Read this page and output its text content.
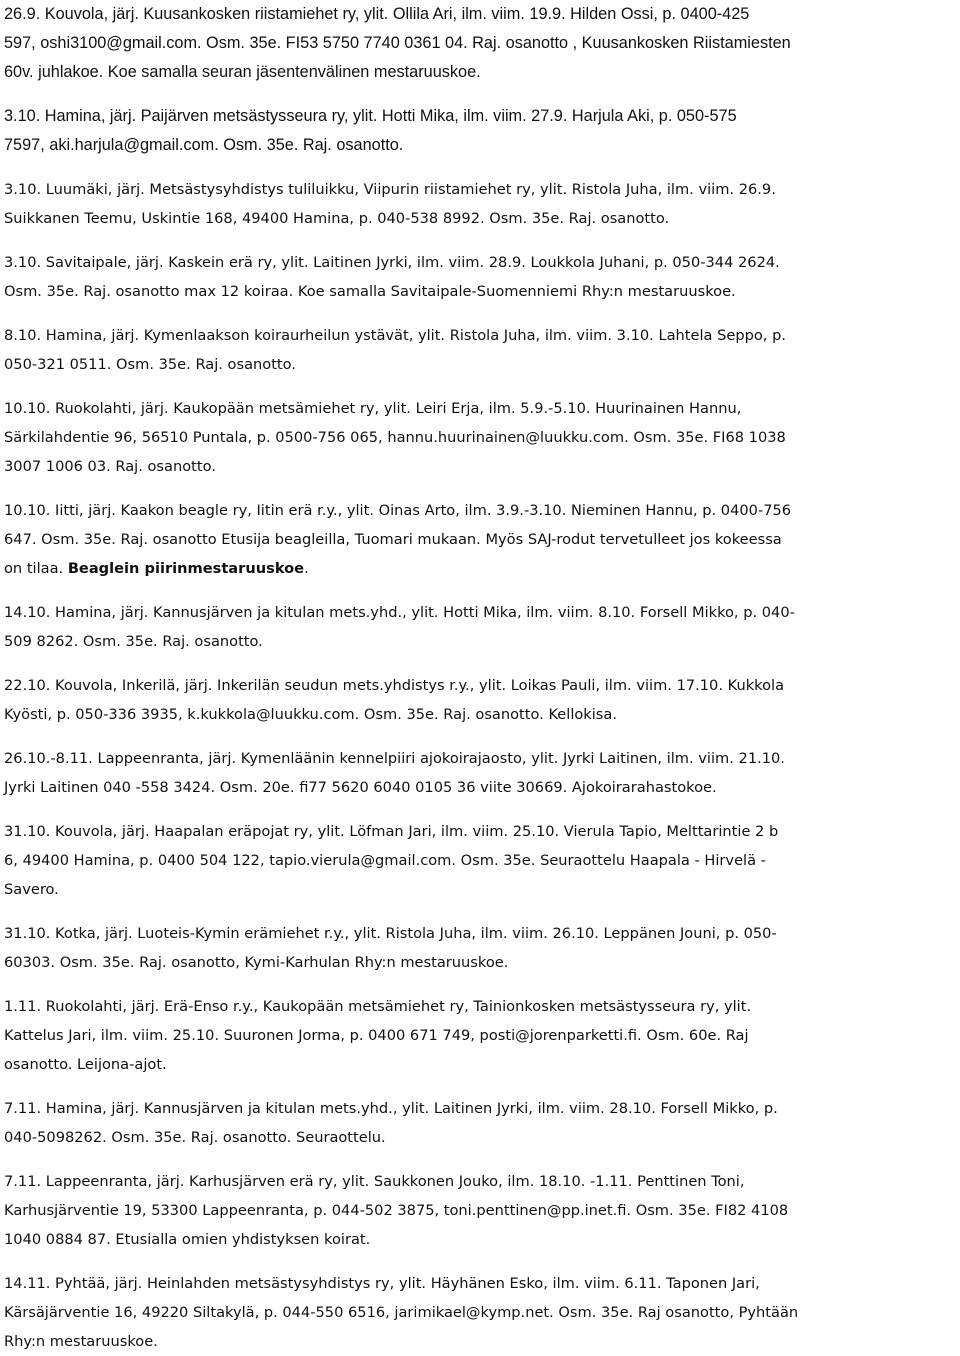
26.9. Kouvola, järj. Kuusankosken riistamiehet ry, ylit. Ollila Ari, ilm. viim. 19.9. Hilden Ossi, p. 0400-425
597, oshi3100@gmail.com. Osm. 35e. FI53 5750 7740 0361 04. Raj. osanotto , Kuusankosken Riistamiesten
60v. juhlakoe. Koe samalla seuran jäsentenvälinen mestaruuskoe.
3.10. Hamina, järj. Paijärven metsästysseura ry, ylit. Hotti Mika, ilm. viim. 27.9. Harjula Aki, p. 050-575
7597, aki.harjula@gmail.com. Osm. 35e. Raj. osanotto.
3.10. Luumäki, järj. Metsästysyhdistys tuliluikku, Viipurin riistamiehet ry, ylit. Ristola Juha, ilm. viim. 26.9.
Suikkanen Teemu, Uskintie 168, 49400 Hamina, p. 040-538 8992. Osm. 35e. Raj. osanotto.
3.10. Savitaipale, järj. Kaskein erä ry, ylit. Laitinen Jyrki, ilm. viim. 28.9. Loukkola Juhani, p. 050-344 2624.
Osm. 35e. Raj. osanotto max 12 koiraa. Koe samalla Savitaipale-Suomenniemi Rhy:n mestaruuskoe.
8.10. Hamina, järj. Kymenlaakson koiraurheilun ystävät, ylit. Ristola Juha, ilm. viim. 3.10. Lahtela Seppo, p.
050-321 0511. Osm. 35e. Raj. osanotto.
10.10. Ruokolahti, järj. Kaukopään metsämiehet ry, ylit. Leiri Erja, ilm. 5.9.-5.10. Huurinainen Hannu,
Särkilahdentie 96, 56510 Puntala, p. 0500-756 065, hannu.huurinainen@luukku.com. Osm. 35e. FI68 1038
3007 1006 03. Raj. osanotto.
10.10. Iitti, järj. Kaakon beagle ry, Iitin erä r.y., ylit. Oinas Arto, ilm. 3.9.-3.10. Nieminen Hannu, p. 0400-756
647. Osm. 35e. Raj. osanotto Etusija beagleilla, Tuomari mukaan. Myös SAJ-rodut tervetulleet jos kokeessa
on tilaa. Beaglein piirinmestaruuskoe.
14.10. Hamina, järj. Kannusjärven ja kitulan mets.yhd., ylit. Hotti Mika, ilm. viim. 8.10. Forsell Mikko, p. 040-
509 8262. Osm. 35e. Raj. osanotto.
22.10. Kouvola, Inkerilä, järj. Inkerilän seudun mets.yhdistys r.y., ylit. Loikas Pauli, ilm. viim. 17.10. Kukkola
Kyösti, p. 050-336 3935, k.kukkola@luukku.com. Osm. 35e. Raj. osanotto. Kellokisa.
26.10.-8.11. Lappeenranta, järj. Kymenläänin kennelpiiri ajokoirajaosto, ylit. Jyrki Laitinen, ilm. viim. 21.10.
Jyrki Laitinen 040 -558 3424. Osm. 20e. fi77 5620 6040 0105 36 viite 30669. Ajokoirarahastokoe.
31.10. Kouvola, järj. Haapalan eräpojat ry, ylit. Löfman Jari, ilm. viim. 25.10. Vierula Tapio, Melttarintie 2 b
6, 49400 Hamina, p. 0400 504 122, tapio.vierula@gmail.com. Osm. 35e. Seuraottelu Haapala - Hirvelä -
Savero.
31.10. Kotka, järj. Luoteis-Kymin erämiehet r.y., ylit. Ristola Juha, ilm. viim. 26.10. Leppänen Jouni, p. 050-
60303. Osm. 35e. Raj. osanotto, Kymi-Karhulan Rhy:n mestaruuskoe.
1.11. Ruokolahti, järj. Erä-Enso r.y., Kaukopään metsämiehet ry, Tainionkosken metsästysseura ry, ylit.
Kattelus Jari, ilm. viim. 25.10. Suuronen Jorma, p. 0400 671 749, posti@jorenparketti.fi. Osm. 60e. Raj
osanotto. Leijona-ajot.
7.11. Hamina, järj. Kannusjärven ja kitulan mets.yhd., ylit. Laitinen Jyrki, ilm. viim. 28.10. Forsell Mikko, p.
040-5098262. Osm. 35e. Raj. osanotto. Seuraottelu.
7.11. Lappeenranta, järj. Karhusjärven erä ry, ylit. Saukkonen Jouko, ilm. 18.10. -1.11. Penttinen Toni,
Karhusjärventie 19, 53300 Lappeenranta, p. 044-502 3875, toni.penttinen@pp.inet.fi. Osm. 35e. FI82 4108
1040 0884 87. Etusialla omien yhdistyksen koirat.
14.11. Pyhtää, järj. Heinlahden metsästysyhdistys ry, ylit. Häyhänen Esko, ilm. viim. 6.11. Taponen Jari,
Kärsäjärventie 16, 49220 Siltakylä, p. 044-550 6516, jarimikael@kymp.net. Osm. 35e. Raj osanotto, Pyhtään
Rhy:n mestaruuskoe.
